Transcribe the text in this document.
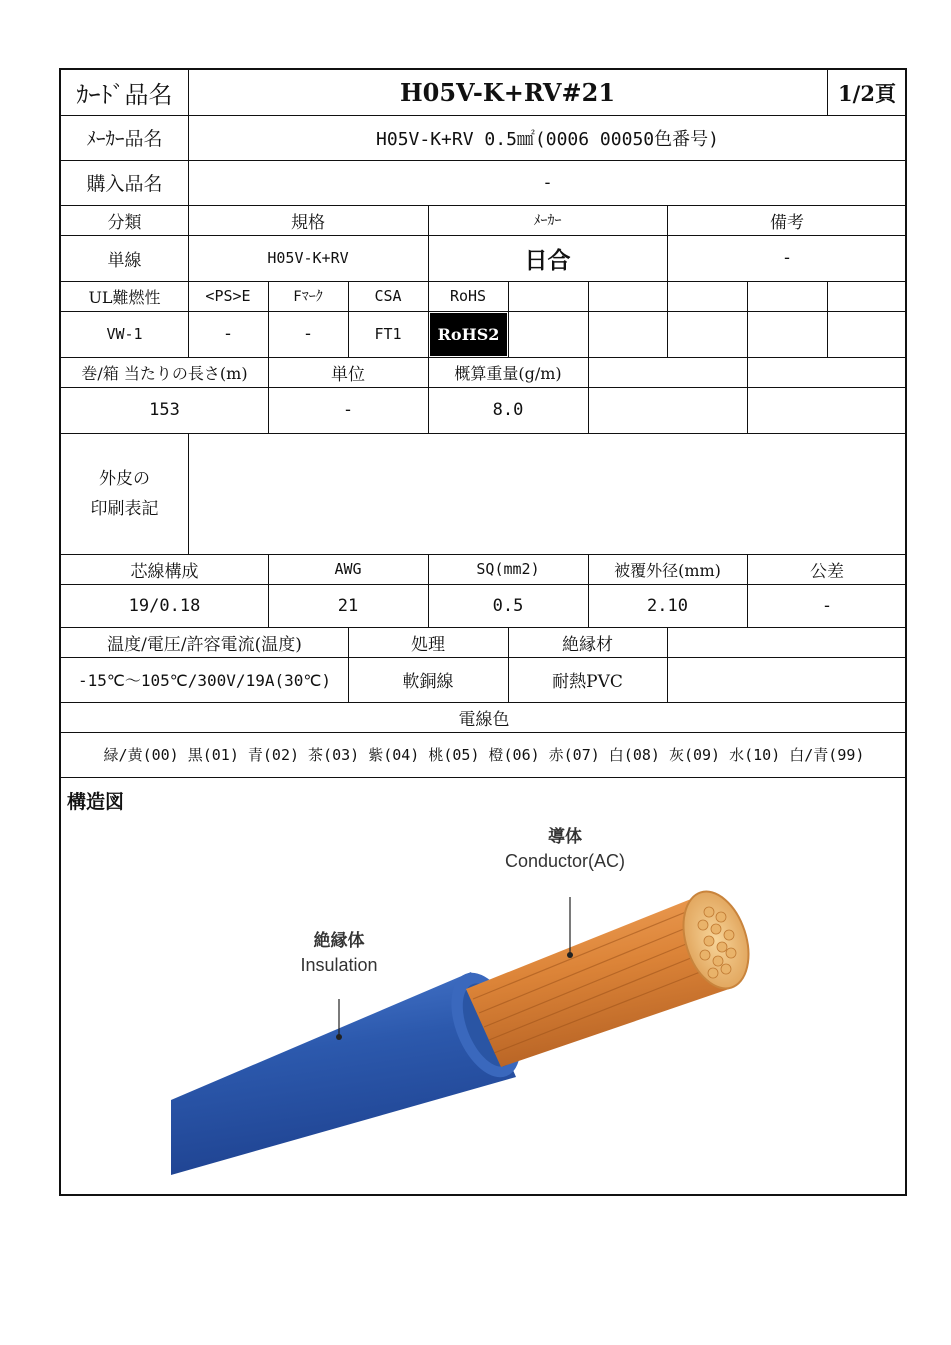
ｶｰﾄﾞ品名	H05V-K+RV#21	1/2頁
ﾒｰｶｰ品名	H05V-K+RV 0.5㎟(0006 00050色番号)
購入品名	-
分類	規格	ﾒｰｶｰ	備考
単線	H05V-K+RV	日合	-
UL難燃性	<PS>E	Fﾏｰｸ	CSA	RoHS
VW-1	-	-	FT1	RoHS2
巻/箱 当たりの長さ(m)	単位	概算重量(g/m)
153	-	8.0
外皮の
印刷表記
芯線構成	AWG	SQ(mm2)	被覆外径(mm)	公差
19/0.18	21	0.5	2.10	-
温度/電圧/許容電流(温度)	処理	絶縁材
-15℃～105℃/300V/19A(30℃)	軟銅線	耐熱PVC
電線色
緑/黄(00) 黒(01) 青(02) 茶(03) 紫(04) 桃(05) 橙(06) 赤(07) 白(08) 灰(09) 水(10) 白/青(99)
構造図
導体
Conductor(AC)
絶縁体
Insulation
